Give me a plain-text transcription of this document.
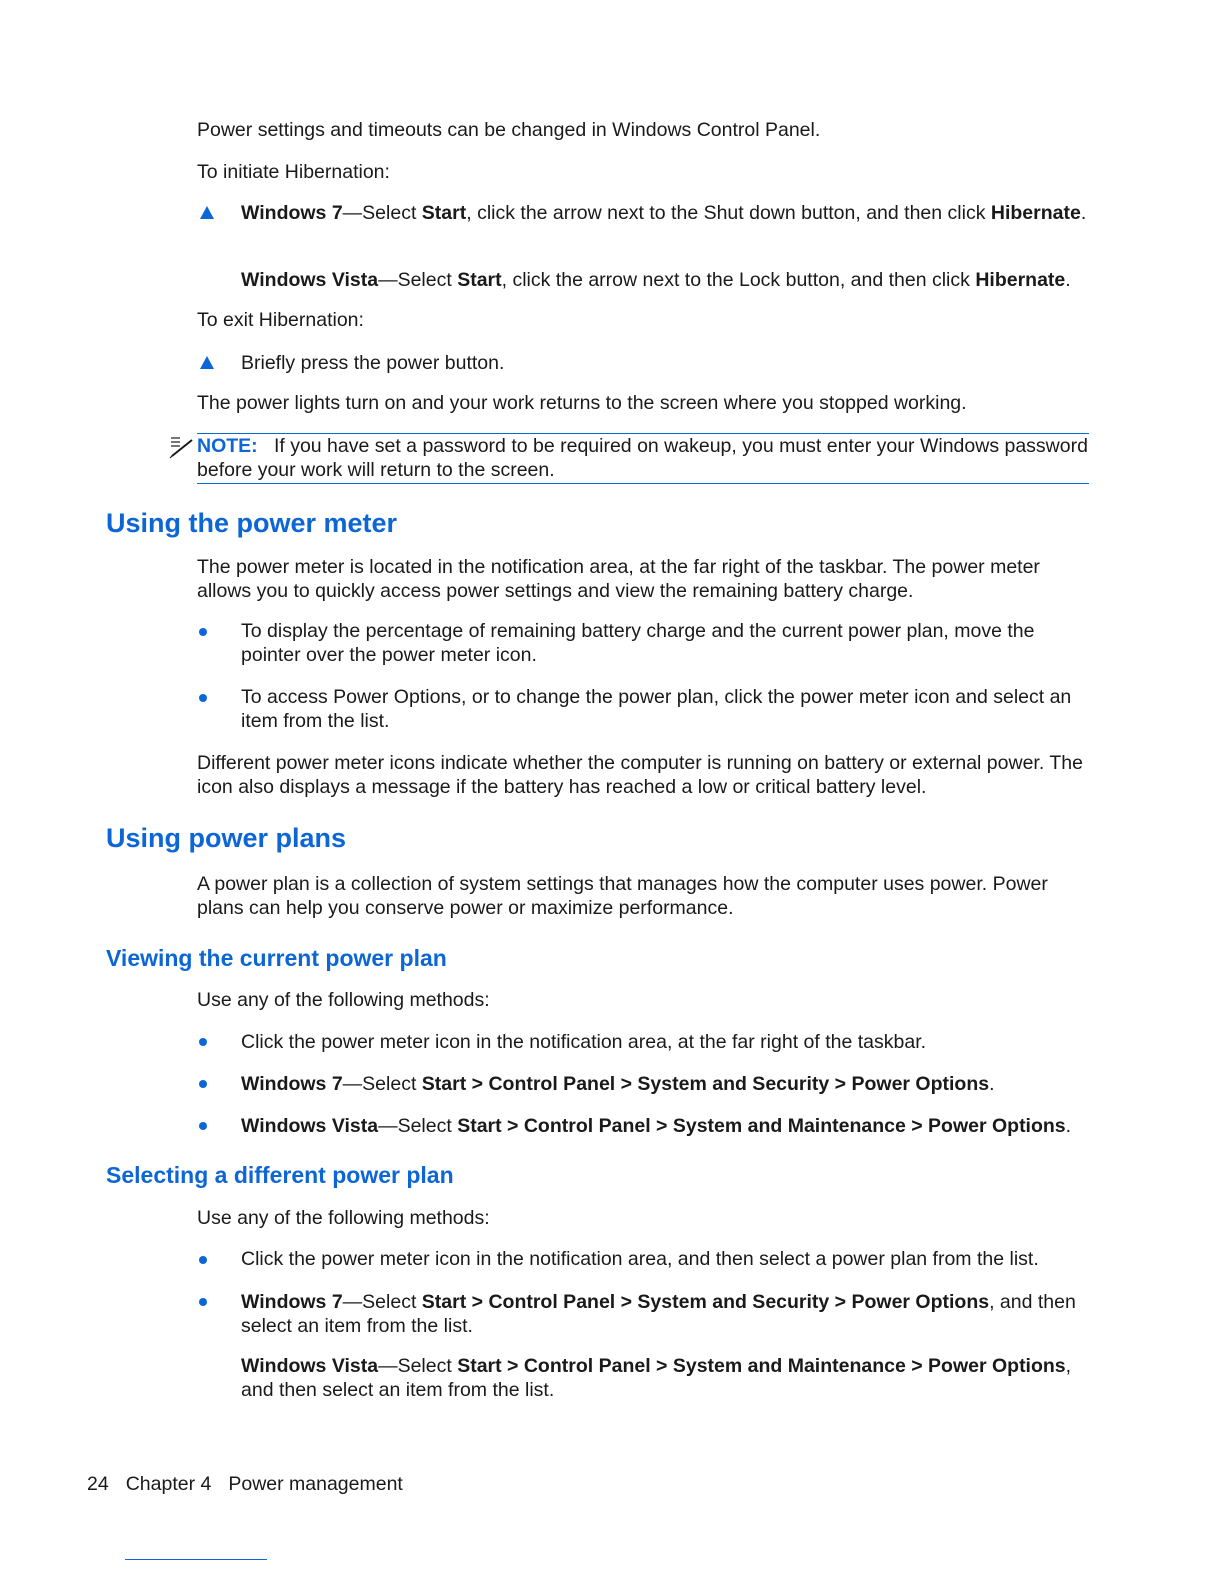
Power settings and timeouts can be changed in Windows Control Panel.

To initiate Hibernation:

Windows 7—Select Start, click the arrow next to the Shut down button, and then click Hibernate.

Windows Vista—Select Start, click the arrow next to the Lock button, and then click Hibernate.

To exit Hibernation:

Briefly press the power button.

The power lights turn on and your work returns to the screen where you stopped working.

NOTE: If you have set a password to be required on wakeup, you must enter your Windows password before your work will return to the screen.

Using the power meter

The power meter is located in the notification area, at the far right of the taskbar. The power meter allows you to quickly access power settings and view the remaining battery charge.

To display the percentage of remaining battery charge and the current power plan, move the pointer over the power meter icon.

To access Power Options, or to change the power plan, click the power meter icon and select an item from the list.

Different power meter icons indicate whether the computer is running on battery or external power. The icon also displays a message if the battery has reached a low or critical battery level.

Using power plans

A power plan is a collection of system settings that manages how the computer uses power. Power plans can help you conserve power or maximize performance.

Viewing the current power plan

Use any of the following methods:

Click the power meter icon in the notification area, at the far right of the taskbar.

Windows 7—Select Start > Control Panel > System and Security > Power Options.

Windows Vista—Select Start > Control Panel > System and Maintenance > Power Options.

Selecting a different power plan

Use any of the following methods:

Click the power meter icon in the notification area, and then select a power plan from the list.

Windows 7—Select Start > Control Panel > System and Security > Power Options, and then select an item from the list.

Windows Vista—Select Start > Control Panel > System and Maintenance > Power Options, and then select an item from the list.

24 Chapter 4 Power management
